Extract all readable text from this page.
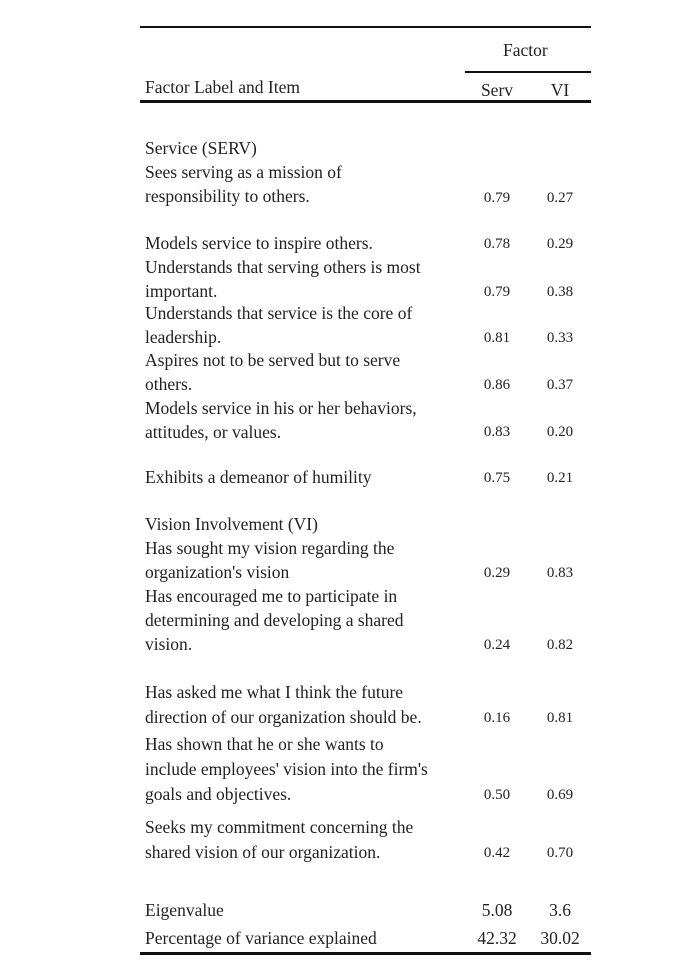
Factor
Factor Label and Item	Serv	VI
Service (SERV)
Sees serving as a mission of
responsibility to others.	0.79	0.27
Models service to inspire others.	0.78	0.29
Understands that serving others is most
important.	0.79	0.38
Understands that service is the core of
leadership.	0.81	0.33
Aspires not to be served but to serve
others.	0.86	0.37
Models service in his or her behaviors,
attitudes, or values.	0.83	0.20
Exhibits a demeanor of humility	0.75	0.21
Vision Involvement (VI)
Has sought my vision regarding the
organization's vision	0.29	0.83
Has encouraged me to participate in
determining and developing a shared
vision.	0.24	0.82
Has asked me what I think the future
direction of our organization should be.	0.16	0.81
Has shown that he or she wants to
include employees' vision into the firm's
goals and objectives.	0.50	0.69
Seeks my commitment concerning the
shared vision of our organization.	0.42	0.70
Eigenvalue	5.08	3.6
Percentage of variance explained	42.32	30.02
